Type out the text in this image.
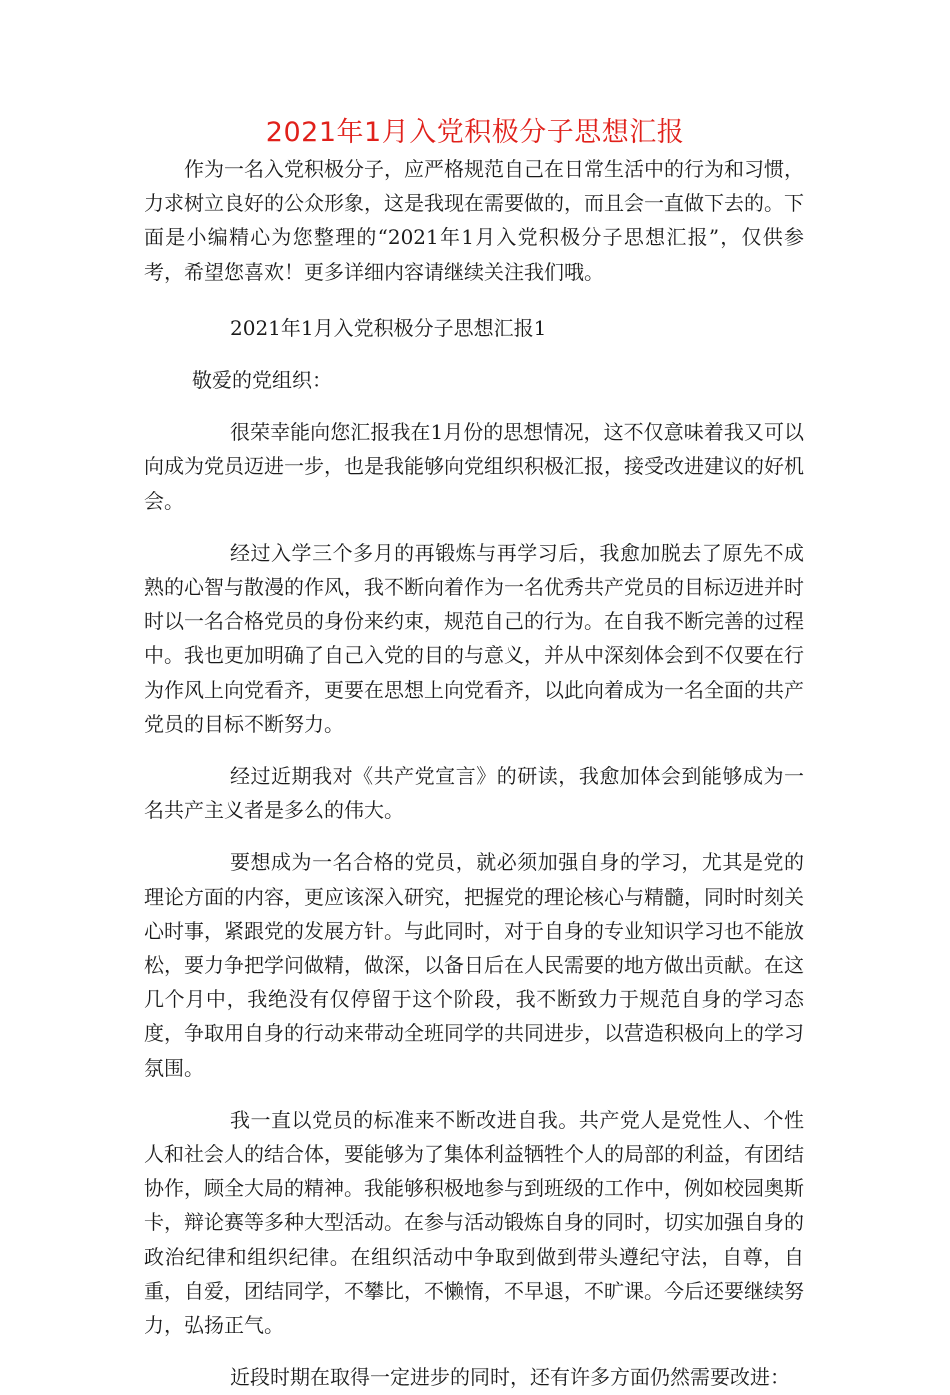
2021年1月入党积极分子思想汇报

作为一名入党积极分子，应严格规范自己在日常生活中的行为和习惯，力求树立良好的公众形象，这是我现在需要做的，而且会一直做下去的。下面是小编精心为您整理的“2021年1月入党积极分子思想汇报”，仅供参考，希望您喜欢！更多详细内容请继续关注我们哦。

2021年1月入党积极分子思想汇报1

敬爱的党组织：

很荣幸能向您汇报我在1月份的思想情况，这不仅意味着我又可以向成为党员迈进一步，也是我能够向党组织积极汇报，接受改进建议的好机会。

经过入学三个多月的再锻炼与再学习后，我愈加脱去了原先不成熟的心智与散漫的作风，我不断向着作为一名优秀共产党员的目标迈进并时时以一名合格党员的身份来约束，规范自己的行为。在自我不断完善的过程中。我也更加明确了自己入党的目的与意义，并从中深刻体会到不仅要在行为作风上向党看齐，更要在思想上向党看齐，以此向着成为一名全面的共产党员的目标不断努力。

经过近期我对《共产党宣言》的研读，我愈加体会到能够成为一名共产主义者是多么的伟大。

要想成为一名合格的党员，就必须加强自身的学习，尤其是党的理论方面的内容，更应该深入研究，把握党的理论核心与精髓，同时时刻关心时事，紧跟党的发展方针。与此同时，对于自身的专业知识学习也不能放松，要力争把学问做精，做深，以备日后在人民需要的地方做出贡献。在这几个月中，我绝没有仅停留于这个阶段，我不断致力于规范自身的学习态度，争取用自身的行动来带动全班同学的共同进步，以营造积极向上的学习氛围。

我一直以党员的标准来不断改进自我。共产党人是党性人、个性人和社会人的结合体，要能够为了集体利益牺牲个人的局部的利益，有团结协作，顾全大局的精神。我能够积极地参与到班级的工作中，例如校园奥斯卡，辩论赛等多种大型活动。在参与活动锻炼自身的同时，切实加强自身的政治纪律和组织纪律。在组织活动中争取到做到带头遵纪守法，自尊，自重，自爱，团结同学，不攀比，不懒惰，不早退，不旷课。今后还要继续努力，弘扬正气。

近段时期在取得一定进步的同时，还有许多方面仍然需要改进：
